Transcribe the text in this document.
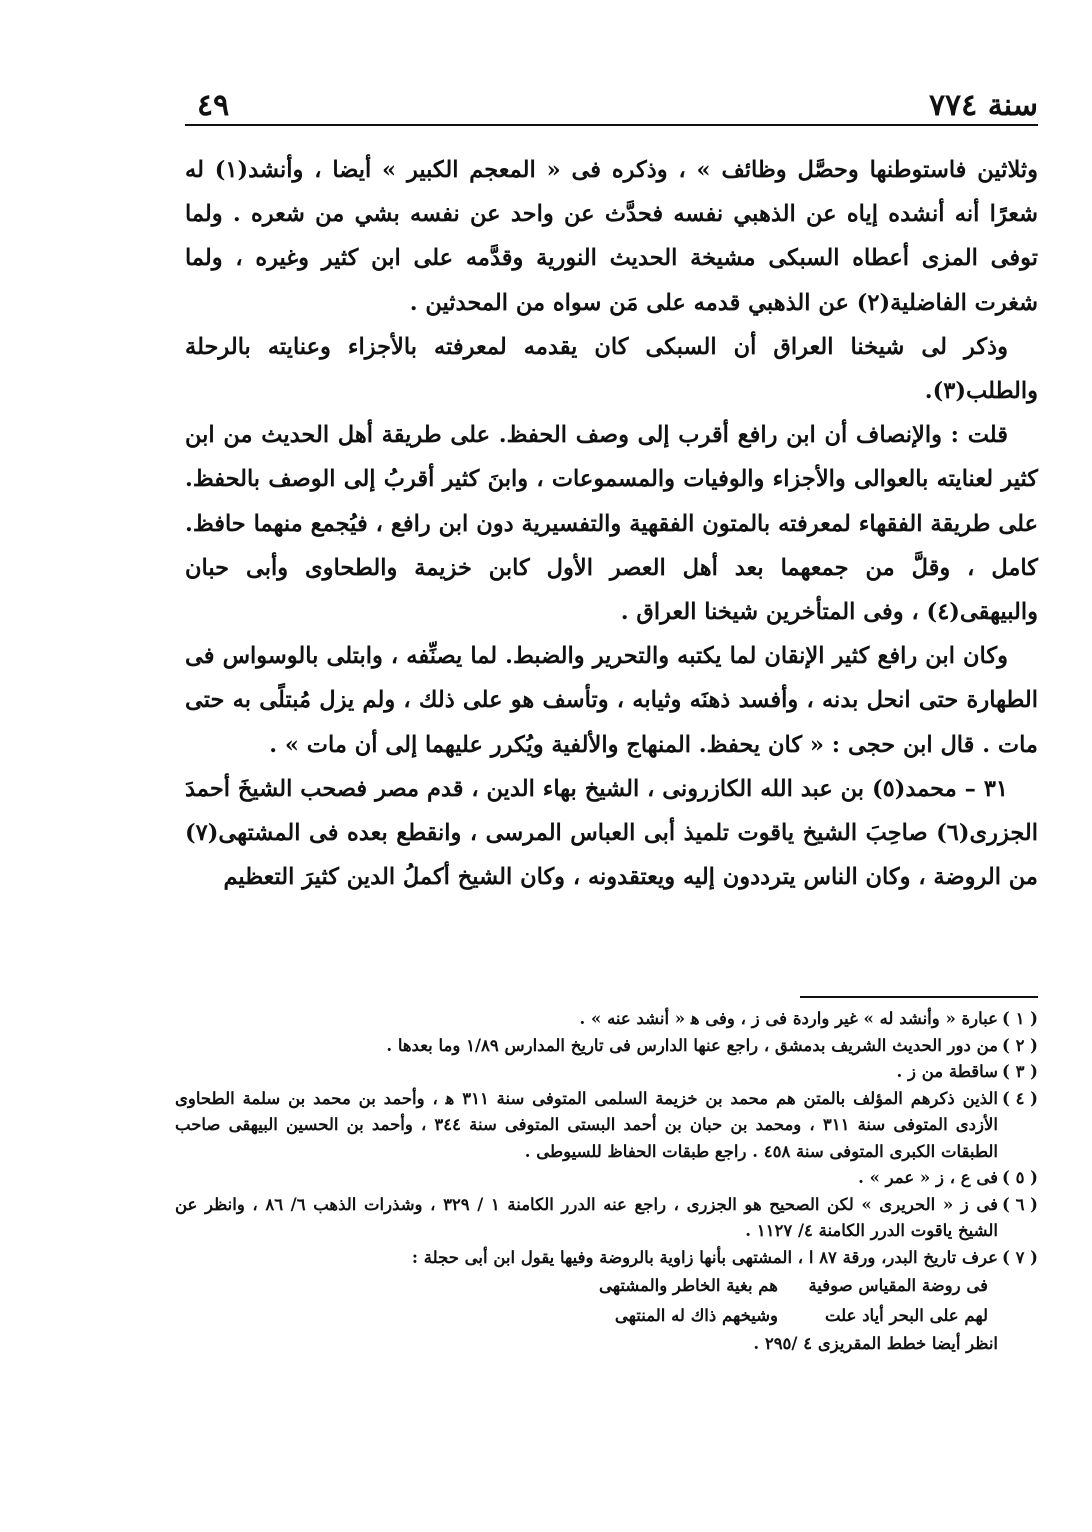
سنة ٧٧٤
٤٩

وثلاثين فاستوطنها وحصَّل وظائف » ، وذكره فى « المعجم الكبير » أيضا ، وأنشد(١) له شعرًا أنه أنشده إياه عن الذهبي نفسه فحدَّث عن واحد عن نفسه بشي من شعره . ولما توفى المزى أعطاه السبكى مشيخة الحديث النورية وقدَّمه على ابن كثير وغيره ، ولما شغرت الفاضلية(٢) عن الذهبي قدمه على مَن سواه من المحدثين .

وذكر لى شيخنا العراق أن السبكى كان يقدمه لمعرفته بالأجزاء وعنايته بالرحلة والطلب(٣).

قلت : والإنصاف أن ابن رافع أقرب إلى وصف الحفظ. على طريقة أهل الحديث من ابن كثير لعنايته بالعوالى والأجزاء والوفيات والمسموعات ، وابنَ كثير أقربُ إلى الوصف بالحفظ. على طريقة الفقهاء لمعرفته بالمتون الفقهية والتفسيرية دون ابن رافع ، فيُجمع منهما حافظ. كامل ، وقلَّ من جمعهما بعد أهل العصر الأول كابن خزيمة والطحاوى وأبى حبان والبيهقى(٤) ، وفى المتأخرين شيخنا العراق .

وكان ابن رافع كثير الإنقان لما يكتبه والتحرير والضبط. لما يصنِّفه ، وابتلى بالوسواس فى الطهارة حتى انحل بدنه ، وأفسد ذهنَه وثيابه ، وتأسف هو على ذلك ، ولم يزل مُبتلًى به حتى مات . قال ابن حجى : « كان يحفظ. المنهاج والألفية ويُكرر عليهما إلى أن مات » .

٣١ – محمد(٥) بن عبد الله الكازرونى ، الشيخ بهاء الدين ، قدم مصر فصحب الشيخَ أحمدَ الجزرى(٦) صاحِبَ الشيخ ياقوت تلميذ أبى العباس المرسى ، وانقطع بعده فى المشتهى(٧) من الروضة ، وكان الناس يترددون إليه ويعتقدونه ، وكان الشيخ أكملُ الدين كثيرَ التعظيم

( ١ )
عبارة « وأنشد له » غير واردة فى ز ، وفى ﻫ « أنشد عنه » .
( ٢ )
من دور الحديث الشريف بدمشق ، راجع عنها الدارس فى تاريخ المدارس ١/٨٩ وما بعدها .
( ٣ )
ساقطة من ز .
( ٤ )
الذين ذكرهم المؤلف بالمتن هم محمد بن خزيمة السلمى المتوفى سنة ٣١١ ﻫ ، وأحمد بن محمد بن سلمة الطحاوى الأزدى المتوفى سنة ٣١١ ، ومحمد بن حبان بن أحمد البستى المتوفى سنة ٣٤٤ ، وأحمد بن الحسين البيهقى صاحب الطبقات الكبرى المتوفى سنة ٤٥٨ . راجع طبقات الحفاظ للسيوطى .
( ٥ )
فى ع ، ز « عمر » .
( ٦ )
فى ز « الحريرى » لكن الصحيح هو الجزرى ، راجع عنه الدرر الكامنة ١ / ٣٢٩ ، وشذرات الذهب ٦/ ٨٦ ، وانظر عن الشيخ ياقوت الدرر الكامنة ٤/ ١١٢٧ .
( ٧ )
عرف تاريخ البدر، ورقة ٨٧ ا ، المشتهى بأنها زاوية بالروضة وفيها يقول ابن أبى حجلة :
فى روضة المقياس صوفية
هم بغية الخاطر والمشتهى
لهم على البحر أياد علت
وشيخهم ذاك له المنتهى
انظر أيضا خطط المقريزى ٤ /٢٩٥ .
